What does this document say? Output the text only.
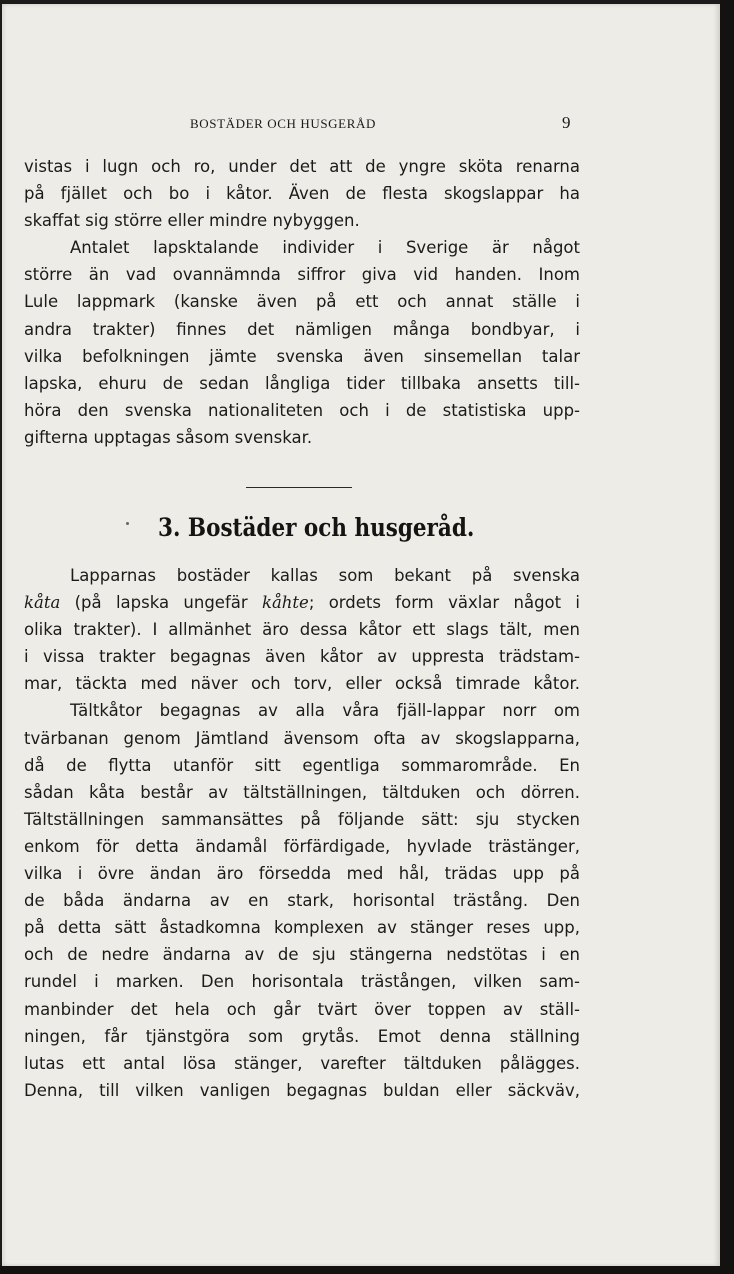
BOSTÄDER OCH HUSGERÅD	9
vistas i lugn och ro, under det att de yngre sköta renarna
på fjället och bo i kåtor. Även de flesta skogslappar ha
skaffat sig större eller mindre nybyggen.
Antalet lapsktalande individer i Sverige är något
större än vad ovannämnda siffror giva vid handen. Inom
Lule lappmark (kanske även på ett och annat ställe i
andra trakter) finnes det nämligen många bondbyar, i
vilka befolkningen jämte svenska även sinsemellan talar
lapska, ehuru de sedan långliga tider tillbaka ansetts till-
höra den svenska nationaliteten och i de statistiska upp-
gifterna upptagas såsom svenskar.
3. Bostäder och husgeråd.
Lapparnas bostäder kallas som bekant på svenska
kåta (på lapska ungefär kåhte; ordets form växlar något i
olika trakter). I allmänhet äro dessa kåtor ett slags tält, men
i vissa trakter begagnas även kåtor av uppresta trädstam-
mar, täckta med näver och torv, eller också timrade kåtor.
Tältkåtor begagnas av alla våra fjäll-lappar norr om
tvärbanan genom Jämtland ävensom ofta av skogslapparna,
då de flytta utanför sitt egentliga sommarområde. En
sådan kåta består av tältställningen, tältduken och dörren.
Tältställningen sammansättes på följande sätt: sju stycken
enkom för detta ändamål förfärdigade, hyvlade trästänger,
vilka i övre ändan äro försedda med hål, trädas upp på
de båda ändarna av en stark, horisontal trästång. Den
på detta sätt åstadkomna komplexen av stänger reses upp,
och de nedre ändarna av de sju stängerna nedstötas i en
rundel i marken. Den horisontala trästången, vilken sam-
manbinder det hela och går tvärt över toppen av ställ-
ningen, får tjänstgöra som grytås. Emot denna ställning
lutas ett antal lösa stänger, varefter tältduken pålägges.
Denna, till vilken vanligen begagnas buldan eller säckväv,
